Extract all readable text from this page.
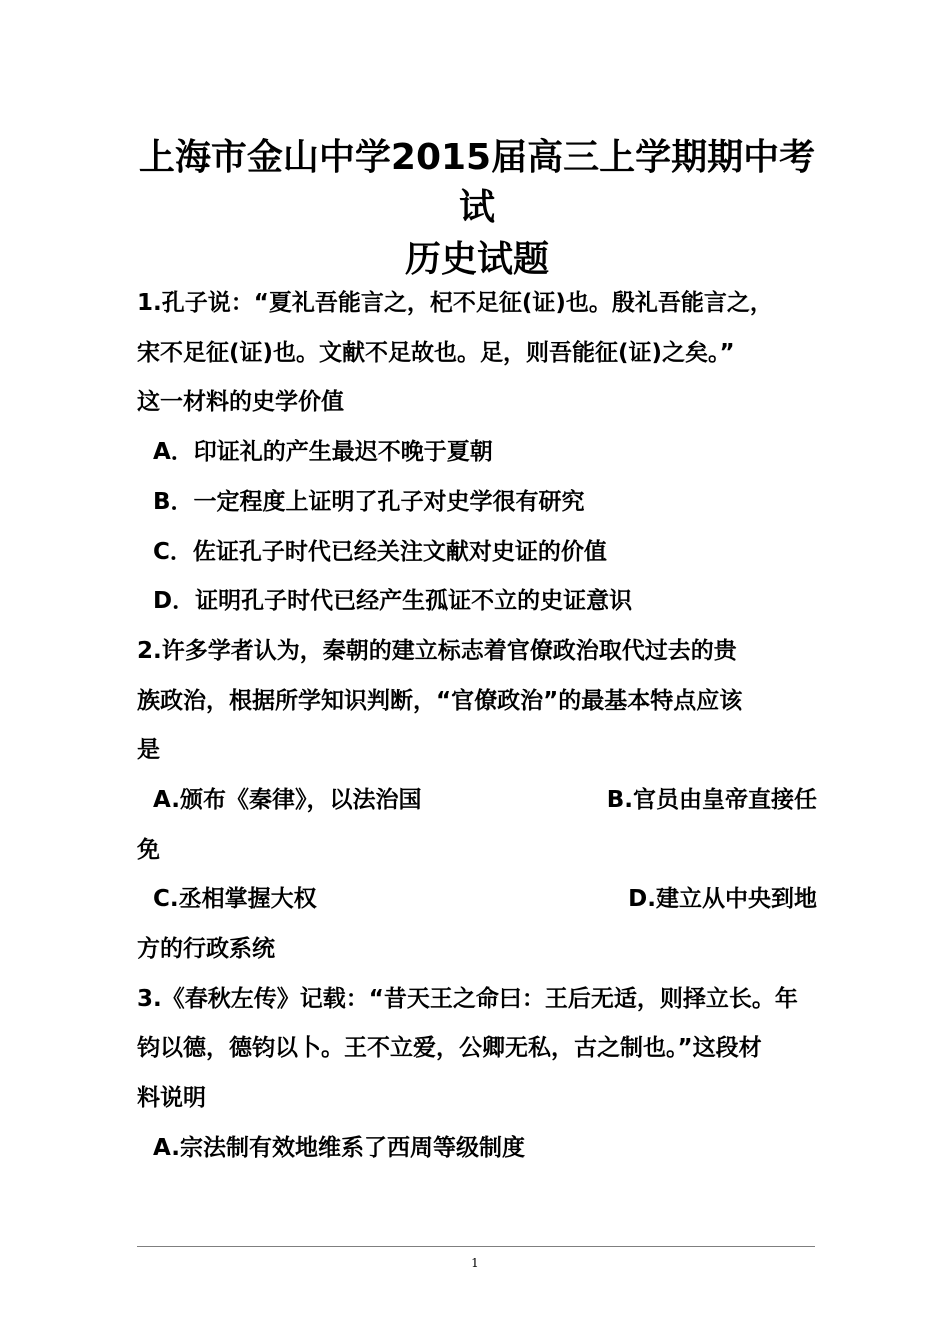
上海市金山中学2015届高三上学期期中考
试
历史试题
1.孔子说：“夏礼吾能言之，杞不足征(证)也。殷礼吾能言之，
宋不足征(证)也。文献不足故也。足，则吾能征(证)之矣。”
这一材料的史学价值
A．印证礼的产生最迟不晚于夏朝
B．一定程度上证明了孔子对史学很有研究
C．佐证孔子时代已经关注文献对史证的价值
D．证明孔子时代已经产生孤证不立的史证意识
2.许多学者认为，秦朝的建立标志着官僚政治取代过去的贵
族政治，根据所学知识判断，“官僚政治”的最基本特点应该
是
A.颁布《秦律》，以法治国	B.官员由皇帝直接任
免
C.丞相掌握大权	D.建立从中央到地
方的行政系统
3.《春秋左传》记载：“昔天王之命曰：王后无适，则择立长。年
钧以德，德钧以卜。王不立爱，公卿无私，古之制也。”这段材
料说明
A.宗法制有效地维系了西周等级制度
1
